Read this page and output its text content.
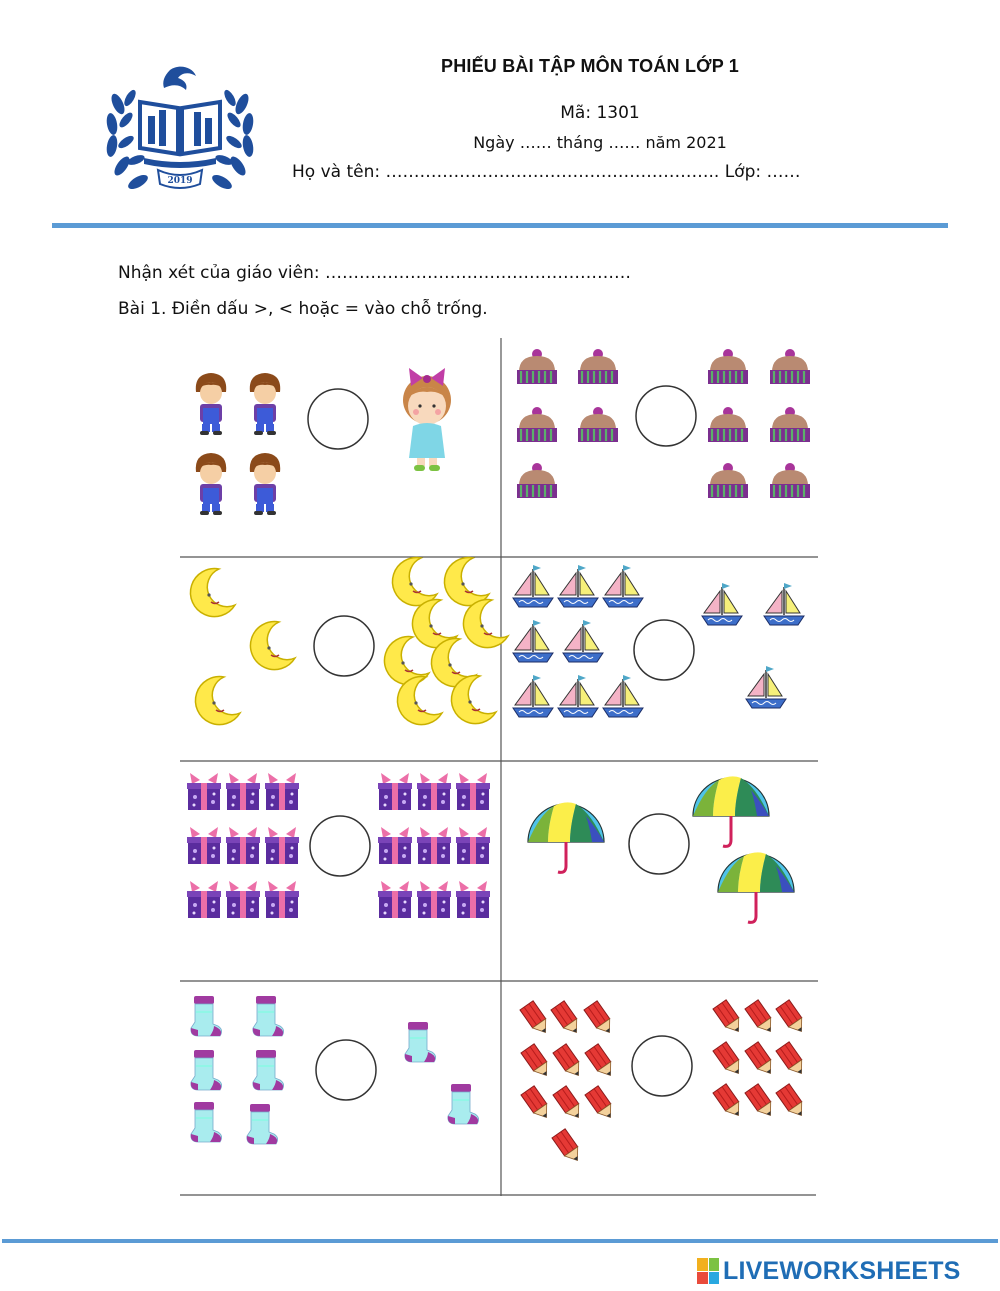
2019
PHIẾU BÀI TẬP MÔN TOÁN LỚP 1
Mã: 1301
Ngày …… tháng …… năm 2021
Họ và tên: ………………………………………………….. Lớp: ……
Nhận xét của giáo viên: ………………………………………………
Bài 1. Điền dấu >, < hoặc = vào chỗ trống.
LIVEWORKSHEETS
